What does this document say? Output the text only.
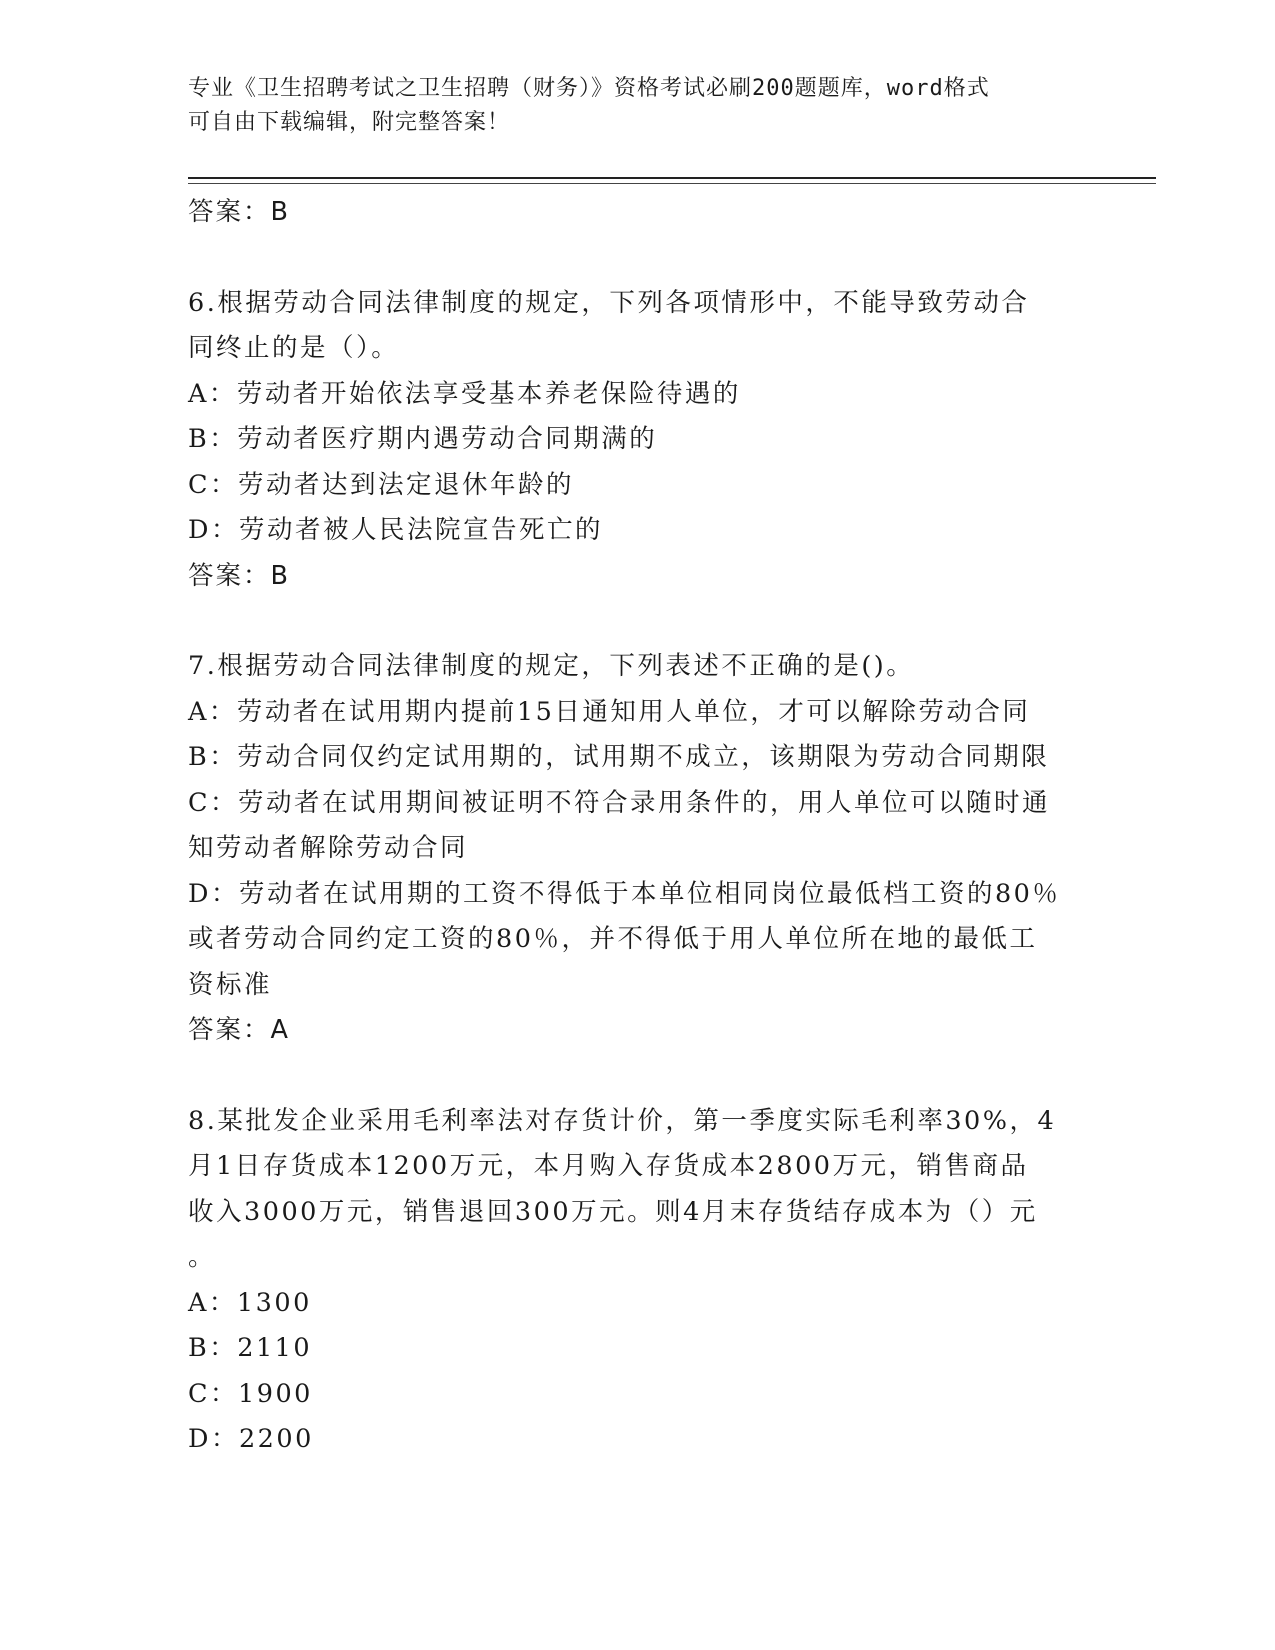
专业《卫生招聘考试之卫生招聘（财务）》资格考试必刷200题题库，word格式
可自由下载编辑，附完整答案！
答案：B
6.根据劳动合同法律制度的规定，下列各项情形中，不能导致劳动合
同终止的是（）。
A：劳动者开始依法享受基本养老保险待遇的
B：劳动者医疗期内遇劳动合同期满的
C：劳动者达到法定退休年龄的
D：劳动者被人民法院宣告死亡的
答案：B
7.根据劳动合同法律制度的规定，下列表述不正确的是()。
A：劳动者在试用期内提前15日通知用人单位，才可以解除劳动合同
B：劳动合同仅约定试用期的，试用期不成立，该期限为劳动合同期限
C：劳动者在试用期间被证明不符合录用条件的，用人单位可以随时通
知劳动者解除劳动合同
D：劳动者在试用期的工资不得低于本单位相同岗位最低档工资的80％
或者劳动合同约定工资的80％，并不得低于用人单位所在地的最低工
资标准
答案：A
8.某批发企业采用毛利率法对存货计价，第一季度实际毛利率30%，4
月1日存货成本1200万元，本月购入存货成本2800万元，销售商品
收入3000万元，销售退回300万元。则4月末存货结存成本为（）元
。
A：1300
B：2110
C：1900
D：2200
